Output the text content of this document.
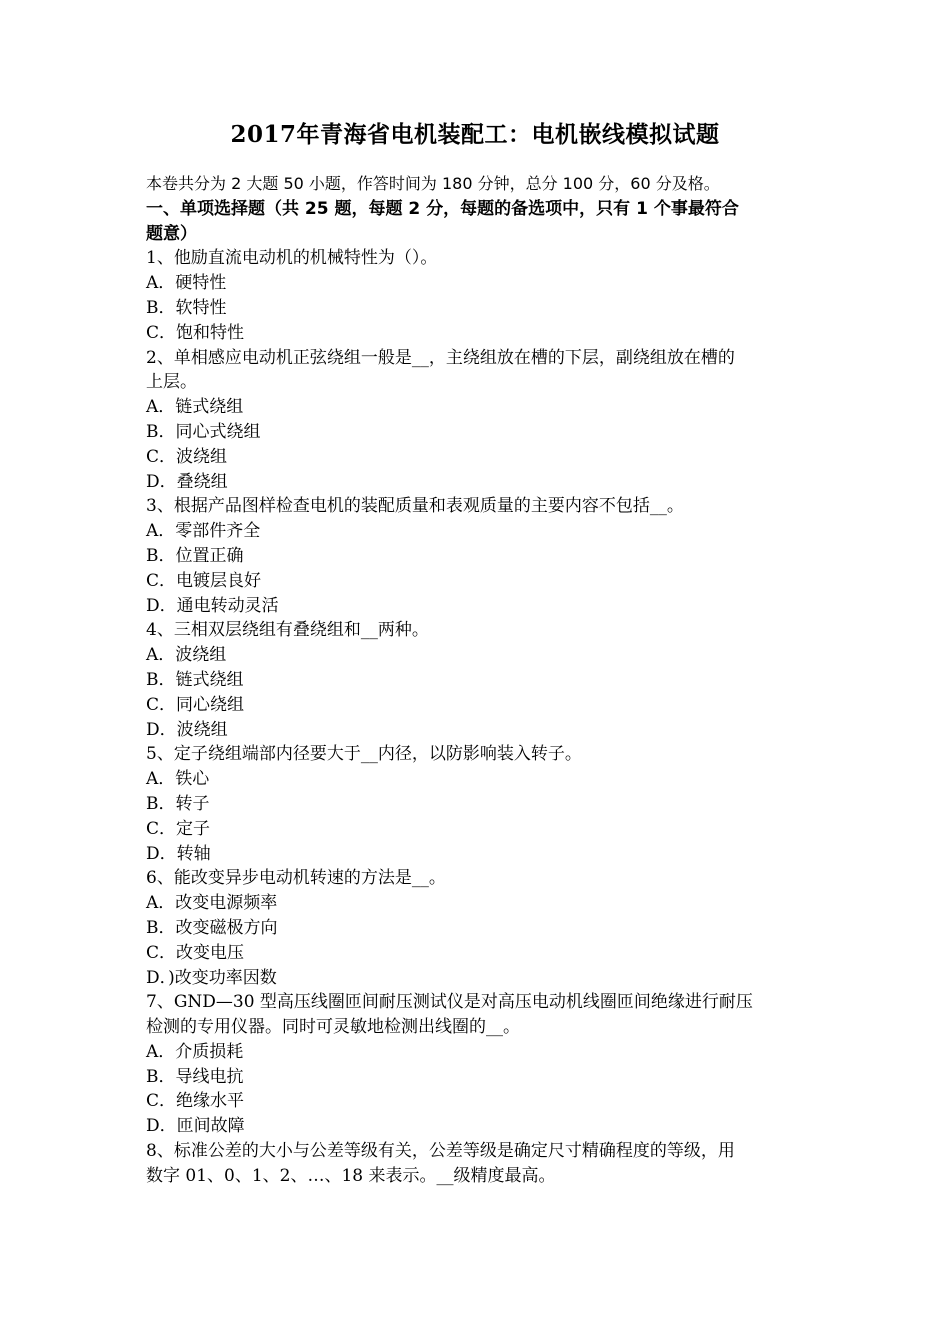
2017年青海省电机装配工：电机嵌线模拟试题
本卷共分为 2 大题 50 小题，作答时间为 180 分钟，总分 100 分，60 分及格。
一、单项选择题（共 25 题，每题 2 分，每题的备选项中，只有 1 个事最符合
题意）
1、他励直流电动机的机械特性为（）。
A．硬特性
B．软特性
C．饱和特性
2、单相感应电动机正弦绕组一般是__，主绕组放在槽的下层，副绕组放在槽的
上层。
A．链式绕组
B．同心式绕组
C．波绕组
D．叠绕组
3、根据产品图样检查电机的装配质量和表观质量的主要内容不包括__。
A．零部件齐全
B．位置正确
C．电镀层良好
D．通电转动灵活
4、三相双层绕组有叠绕组和__两种。
A．波绕组
B．链式绕组
C．同心绕组
D．波绕组
5、定子绕组端部内径要大于__内径，以防影响装入转子。
A．铁心
B．转子
C．定子
D．转轴
6、能改变异步电动机转速的方法是__。
A．改变电源频率
B．改变磁极方向
C．改变电压
D．)改变功率因数
7、GND—30 型高压线圈匝间耐压测试仪是对高压电动机线圈匝间绝缘进行耐压
检测的专用仪器。同时可灵敏地检测出线圈的__。
A．介质损耗
B．导线电抗
C．绝缘水平
D．匝间故障
8、标准公差的大小与公差等级有关，公差等级是确定尺寸精确程度的等级，用
数字 01、0、1、2、…、18 来表示。__级精度最高。
